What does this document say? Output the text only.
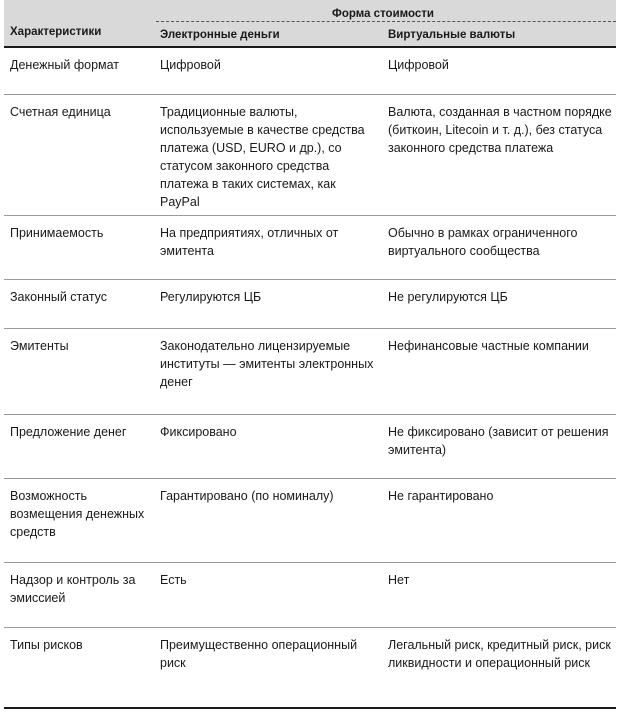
Характеристики	Форма стоимости	

	Электронные деньги	Виртуальные валюты
Денежный формат	Цифровой	Цифровой
Счетная единица	Традиционные валюты, используемые в качестве средства платежа (USD, EURO и др.), со статусом законного средства платежа в таких системах, как PayPal	Валюта, созданная в частном порядке (биткоин, Litecoin и т. д.), без статуса законного средства платежа
Принимаемость	На предприятиях, отличных от эмитента	Обычно в рамках ограниченного виртуального сообщества
Законный статус	Регулируются ЦБ	Не регулируются ЦБ
Эмитенты	Законодательно лицензируемые институты — эмитенты электронных денег	Нефинансовые частные компании
Предложение денег	Фиксировано	Не фиксировано (зависит от решения эмитента)
Возможность возмещения денежных средств	Гарантировано (по номиналу)	Не гарантировано
Надзор и контроль за эмиссией	Есть	Нет
Типы рисков	Преимущественно операционный риск	Легальный риск, кредитный риск, риск ликвидности и операционный риск
